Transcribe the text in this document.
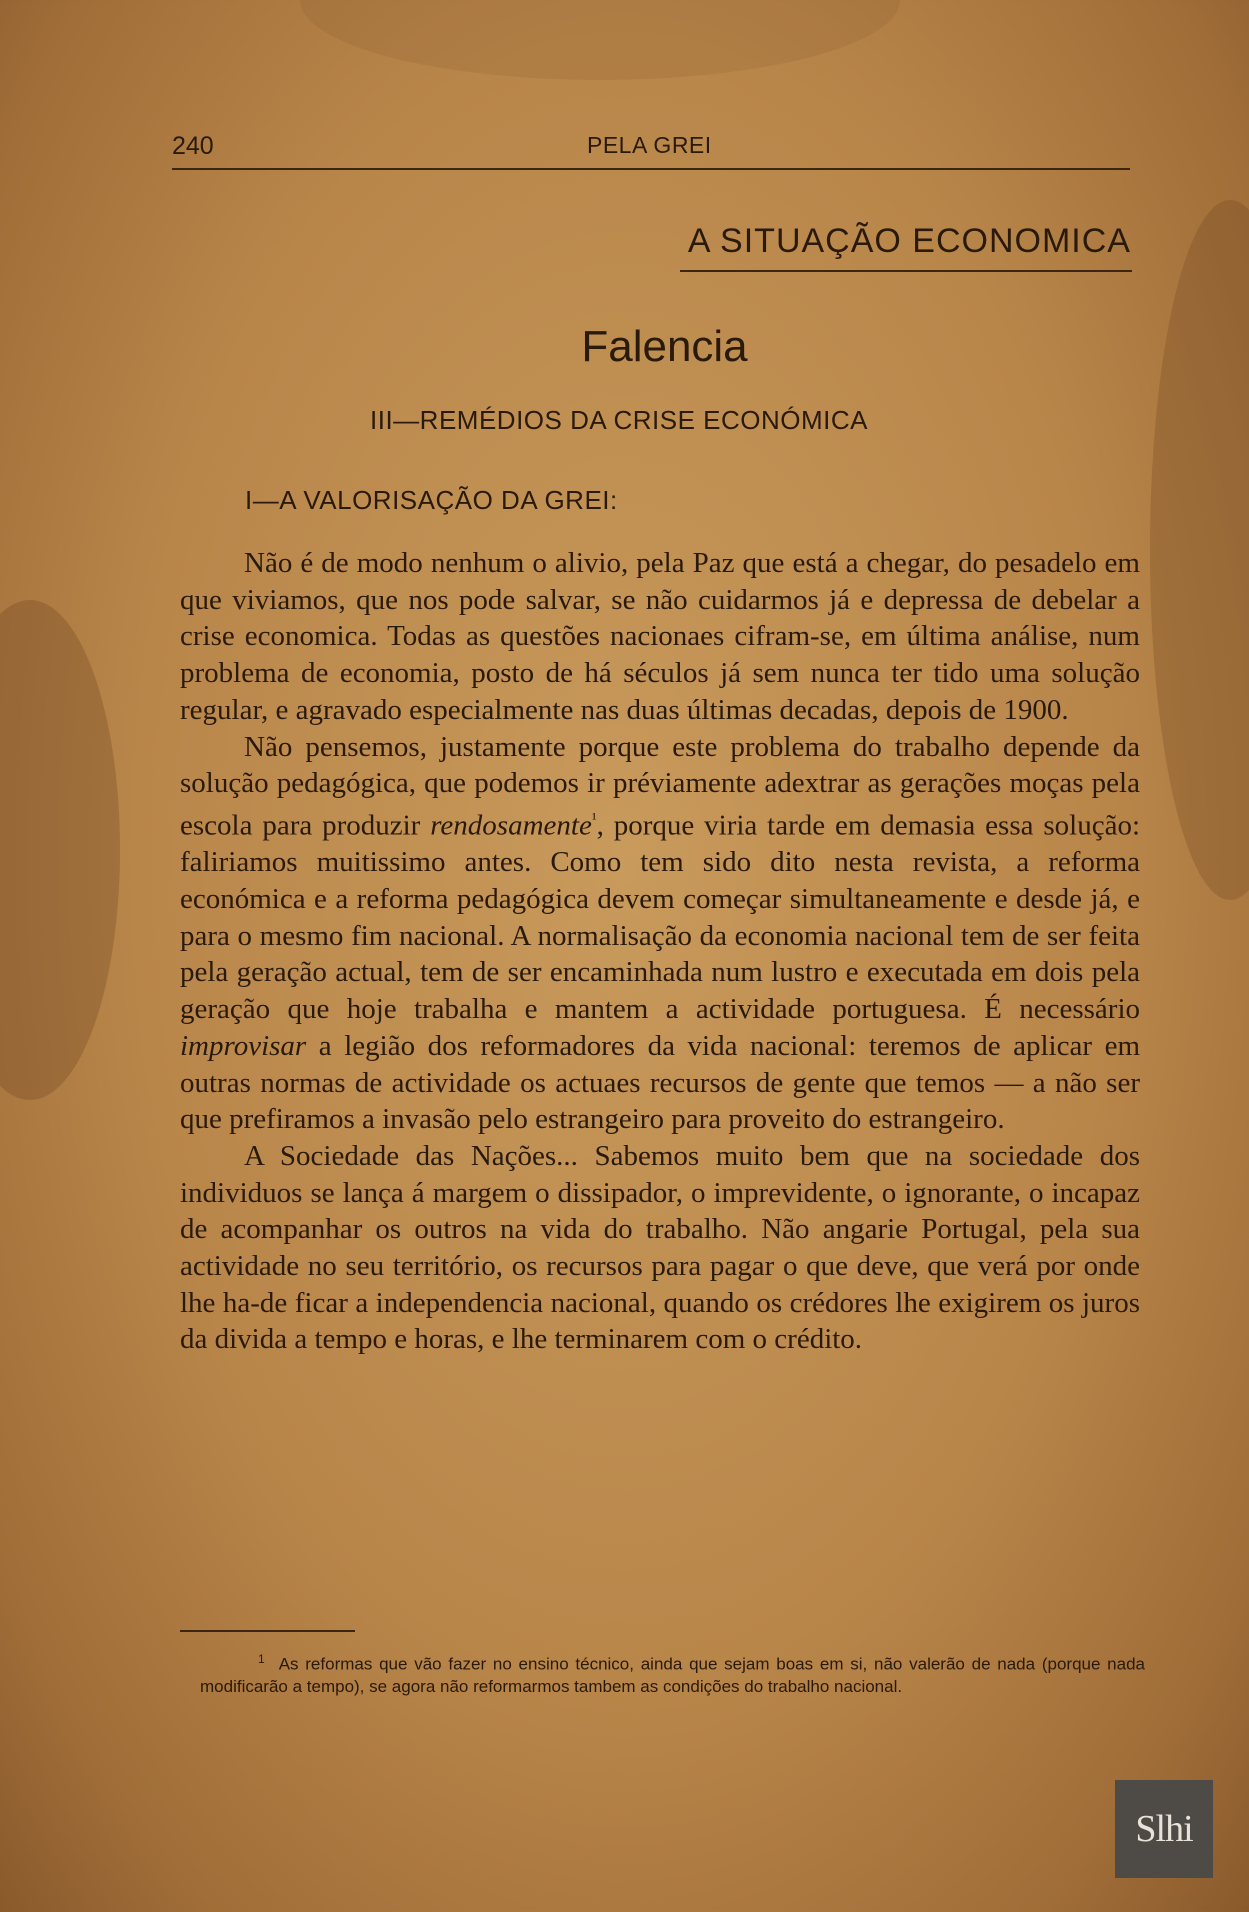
240	PELA GREI
A SITUAÇÃO ECONOMICA
Falencia
III—REMÉDIOS DA CRISE ECONÓMICA
I—A VALORISAÇÃO DA GREI:

Não é de modo nenhum o alivio, pela Paz que está a chegar, do pesadelo em que viviamos, que nos pode salvar, se não cuidarmos já e depressa de debelar a crise economica. Todas as questões nacionaes cifram-se, em última análise, num problema de economia, posto de há séculos já sem nunca ter tido uma solução regular, e agravado especialmente nas duas últimas decadas, depois de 1900.

Não pensemos, justamente porque este problema do trabalho depende da solução pedagógica, que podemos ir préviamente adextrar as gerações moças pela escola para produzir rendosamente$^{^1}$, porque viria tarde em demasia essa solução: faliriamos muitissimo antes. Como tem sido dito nesta revista, a reforma económica e a reforma pedagógica devem começar simultaneamente e desde já, e para o mesmo fim nacional. A normalisação da economia nacional tem de ser feita pela geração actual, tem de ser encaminhada num lustro e executada em dois pela geração que hoje trabalha e mantem a actividade portuguesa. É necessário improvisar a legião dos reformadores da vida nacional: teremos de aplicar em outras normas de actividade os actuaes recursos de gente que temos — a não ser que prefiramos a invasão pelo estrangeiro para proveito do estrangeiro.

A Sociedade das Nações... Sabemos muito bem que na sociedade dos individuos se lança á margem o dissipador, o imprevidente, o ignorante, o incapaz de acompanhar os outros na vida do trabalho. Não angarie Portugal, pela sua actividade no seu território, os recursos para pagar o que deve, que verá por onde lhe ha-de ficar a independencia nacional, quando os crédores lhe exigirem os juros da divida a tempo e horas, e lhe terminarem com o crédito.

$^1$ As reformas que vão fazer no ensino técnico, ainda que sejam boas em si, não valerão de nada (porque nada modificarão a tempo), se agora não reformarmos tambem as condições do trabalho nacional.
Slhi
